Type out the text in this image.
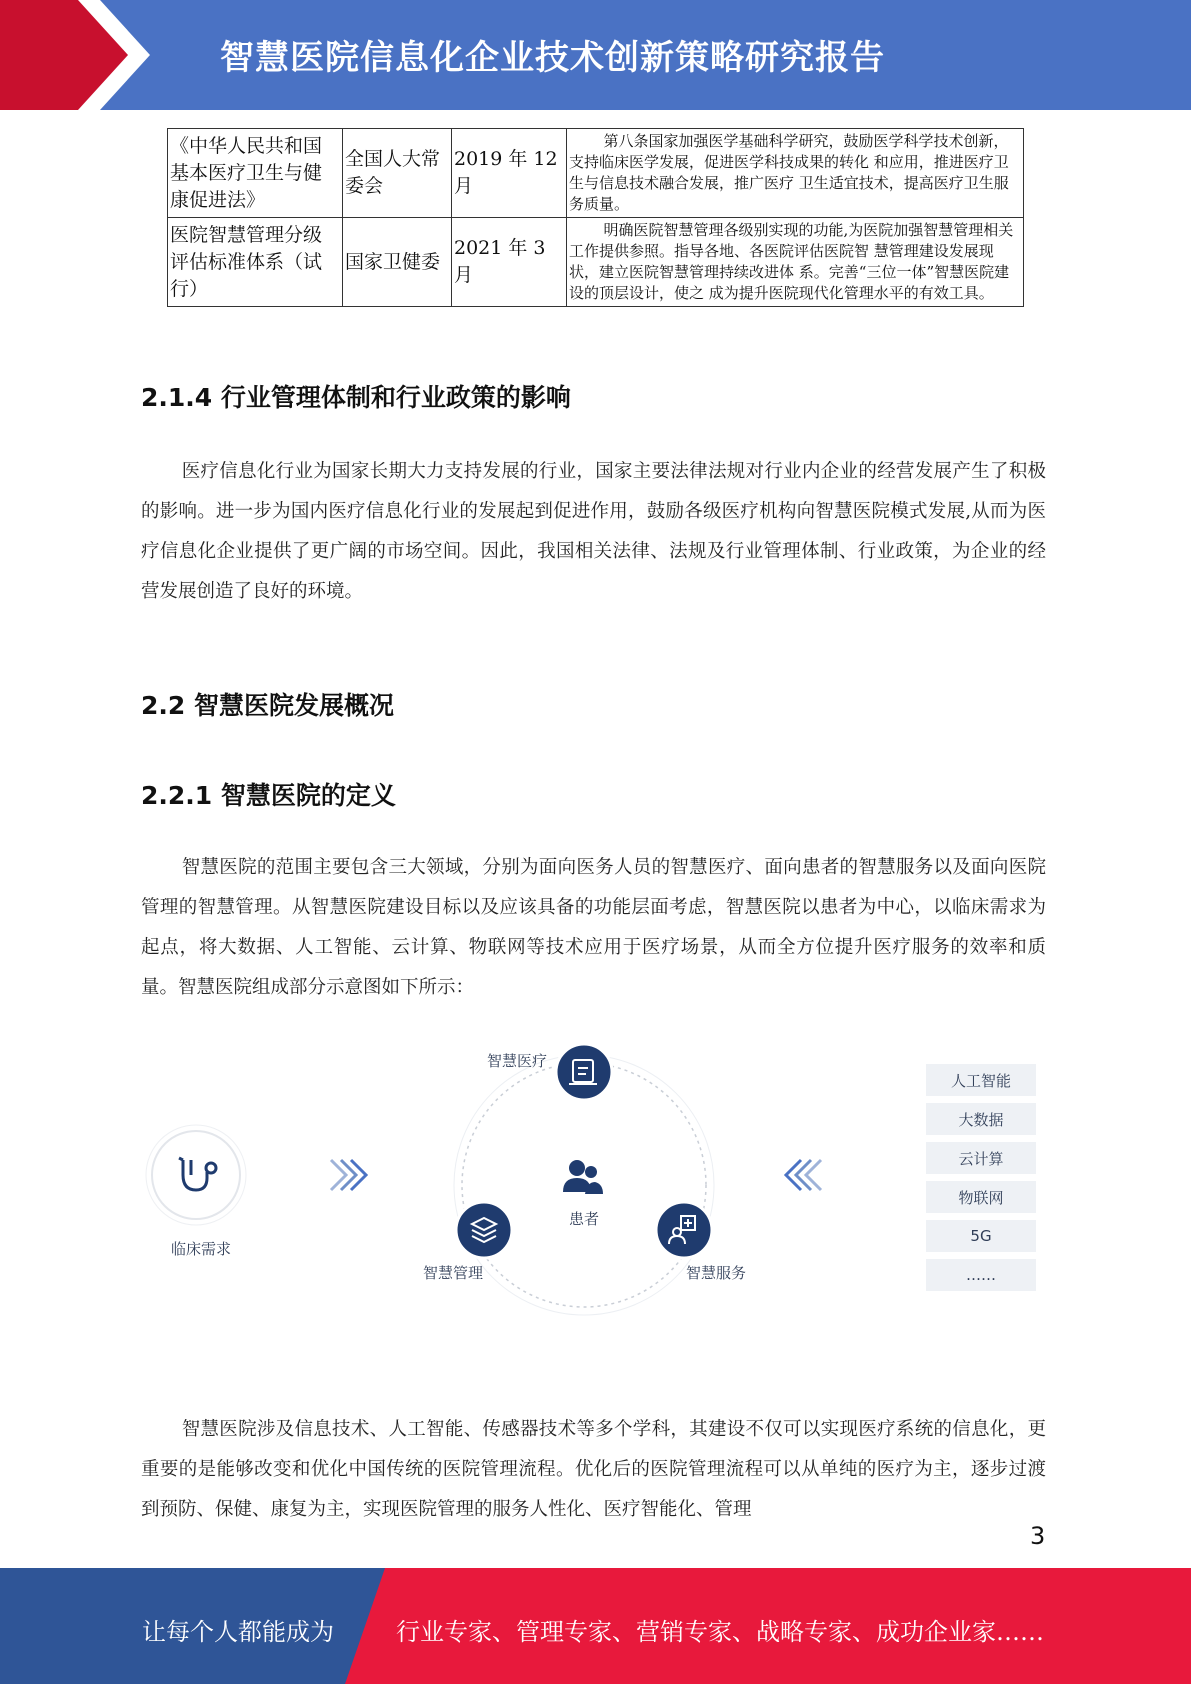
智慧医院信息化企业技术创新策略研究报告
《中华人民共和国基本医疗卫生与健康促进法》	全国人大常委会	2019 年 12 月	第八条国家加强医学基础科学研究，鼓励医学科学技术创新，支持临床医学发展，促进医学科技成果的转化 和应用，推进医疗卫生与信息技术融合发展，推广医疗 卫生适宜技术，提高医疗卫生服务质量。
医院智慧管理分级评估标准体系（试行）	国家卫健委	2021 年 3 月	明确医院智慧管理各级别实现的功能,为医院加强智慧管理相关工作提供参照。指导各地、各医院评估医院智 慧管理建设发展现状，建立医院智慧管理持续改进体 系。完善“三位一体”智慧医院建设的顶层设计，使之 成为提升医院现代化管理水平的有效工具。
2.1.4 行业管理体制和行业政策的影响
医疗信息化行业为国家长期大力支持发展的行业，国家主要法律法规对行业内企业的经营发展产生了积极的影响。进一步为国内医疗信息化行业的发展起到促进作用，鼓励各级医疗机构向智慧医院模式发展,从而为医疗信息化企业提供了更广阔的市场空间。因此，我国相关法律、法规及行业管理体制、行业政策，为企业的经营发展创造了良好的环境。
2.2 智慧医院发展概况
2.2.1 智慧医院的定义
智慧医院的范围主要包含三大领域，分别为面向医务人员的智慧医疗、面向患者的智慧服务以及面向医院管理的智慧管理。从智慧医院建设目标以及应该具备的功能层面考虑，智慧医院以患者为中心，以临床需求为起点，将大数据、人工智能、云计算、物联网等技术应用于医疗场景，从而全方位提升医疗服务的效率和质量。智慧医院组成部分示意图如下所示：
临床需求
患者
智慧医疗
智慧管理	智慧服务
人工智能
大数据
云计算
物联网
5G
……
智慧医院涉及信息技术、人工智能、传感器技术等多个学科，其建设不仅可以实现医疗系统的信息化，更重要的是能够改变和优化中国传统的医院管理流程。优化后的医院管理流程可以从单纯的医疗为主，逐步过渡到预防、保健、康复为主，实现医院管理的服务人性化、医疗智能化、管理
3
让每个人都能成为	行业专家、管理专家、营销专家、战略专家、成功企业家……
